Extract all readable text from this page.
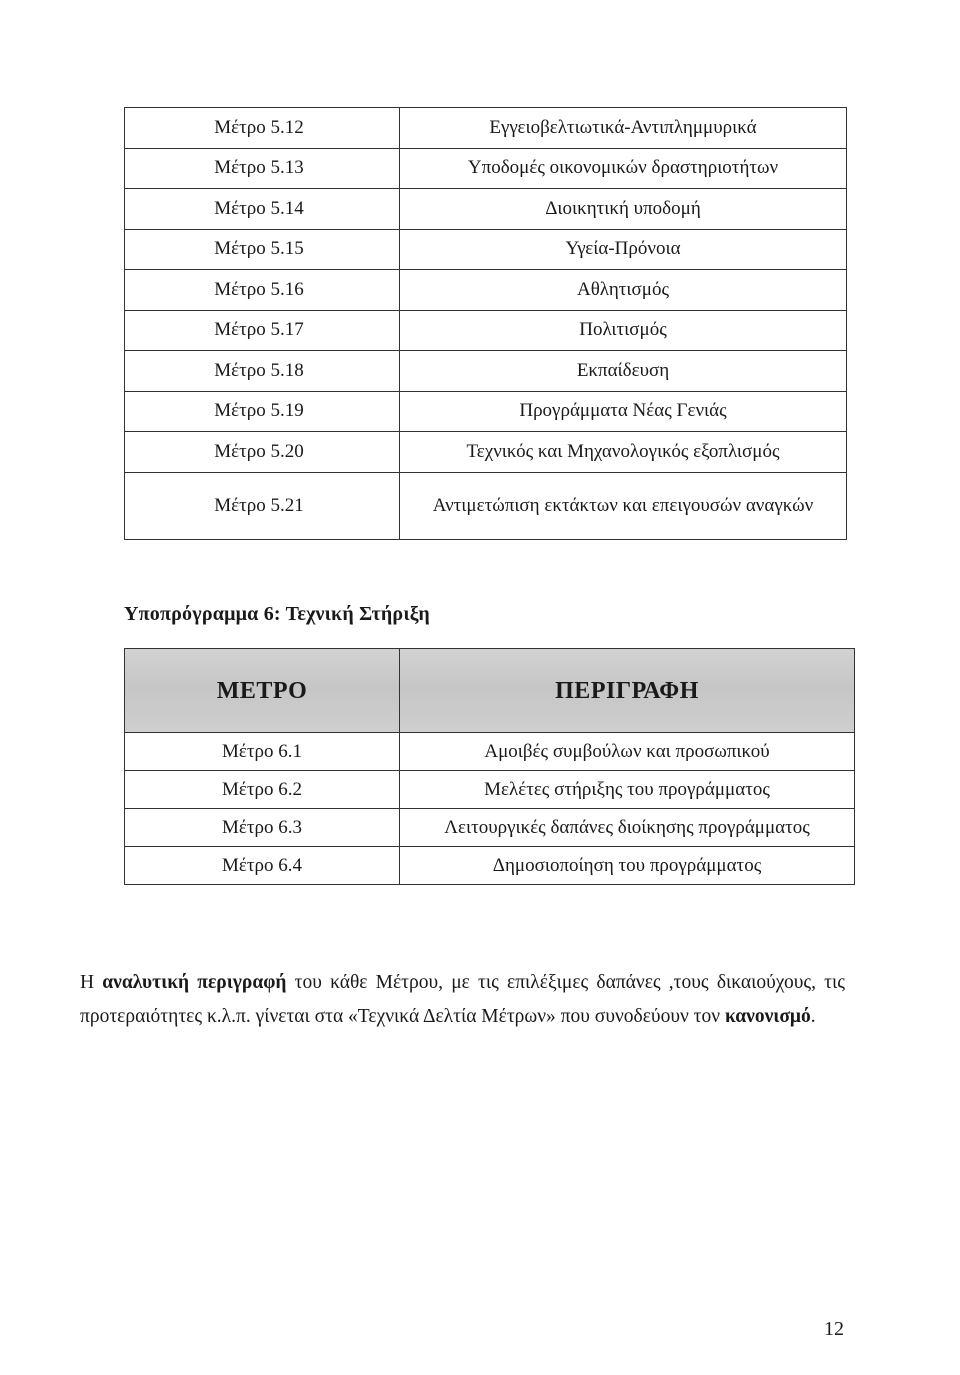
Μέτρο 5.12	Εγγειοβελτιωτικά-Αντιπλημμυρικά
Μέτρο 5.13	Υποδομές οικονομικών δραστηριοτήτων
Μέτρο 5.14	Διοικητική υποδομή
Μέτρο 5.15	Υγεία-Πρόνοια
Μέτρο 5.16	Αθλητισμός
Μέτρο 5.17	Πολιτισμός
Μέτρο 5.18	Εκπαίδευση
Μέτρο 5.19	Προγράμματα Νέας Γενιάς
Μέτρο 5.20	Τεχνικός και Μηχανολογικός εξοπλισμός
Μέτρο 5.21	Αντιμετώπιση εκτάκτων και επειγουσών αναγκών
Υποπρόγραμμα 6: Τεχνική Στήριξη
ΜΕΤΡΟ	ΠΕΡΙΓΡΑΦΗ
Μέτρο 6.1	Αμοιβές συμβούλων και προσωπικού
Μέτρο 6.2	Μελέτες στήριξης του προγράμματος
Μέτρο 6.3	Λειτουργικές δαπάνες διοίκησης προγράμματος
Μέτρο 6.4	Δημοσιοποίηση του προγράμματος

Η αναλυτική περιγραφή του κάθε Μέτρου, με τις επιλέξιμες δαπάνες ,τους δικαιούχους, τις προτεραιότητες κ.λ.π. γίνεται στα «Τεχνικά Δελτία Μέτρων» που συνοδεύουν τον κανονισμό.

12
